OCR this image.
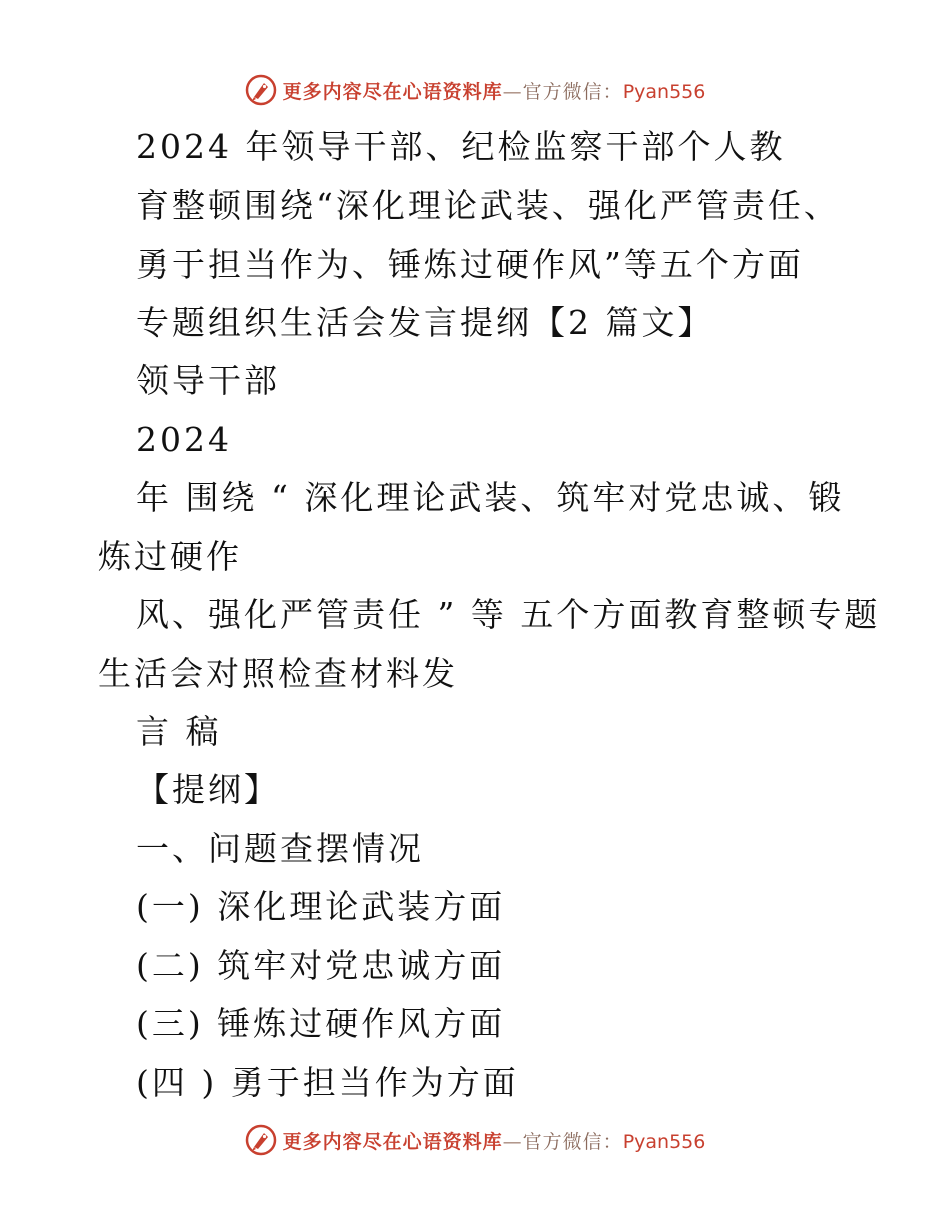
更多内容尽在心语资料库—官方微信：Pyan556
2024 年领导干部、纪检监察干部个人教
育整顿围绕“深化理论武装、强化严管责任、
勇于担当作为、锤炼过硬作风”等五个方面
专题组织生活会发言提纲【2 篇文】
领导干部
2024
年 围绕 “ 深化理论武装、筑牢对党忠诚、锻
炼过硬作
风、强化严管责任 ” 等 五个方面教育整顿专题
生活会对照检查材料发
言 稿
【提纲】
一、问题查摆情况
(一) 深化理论武装方面
(二) 筑牢对党忠诚方面
(三) 锤炼过硬作风方面
(四 ) 勇于担当作为方面
更多内容尽在心语资料库—官方微信：Pyan556
